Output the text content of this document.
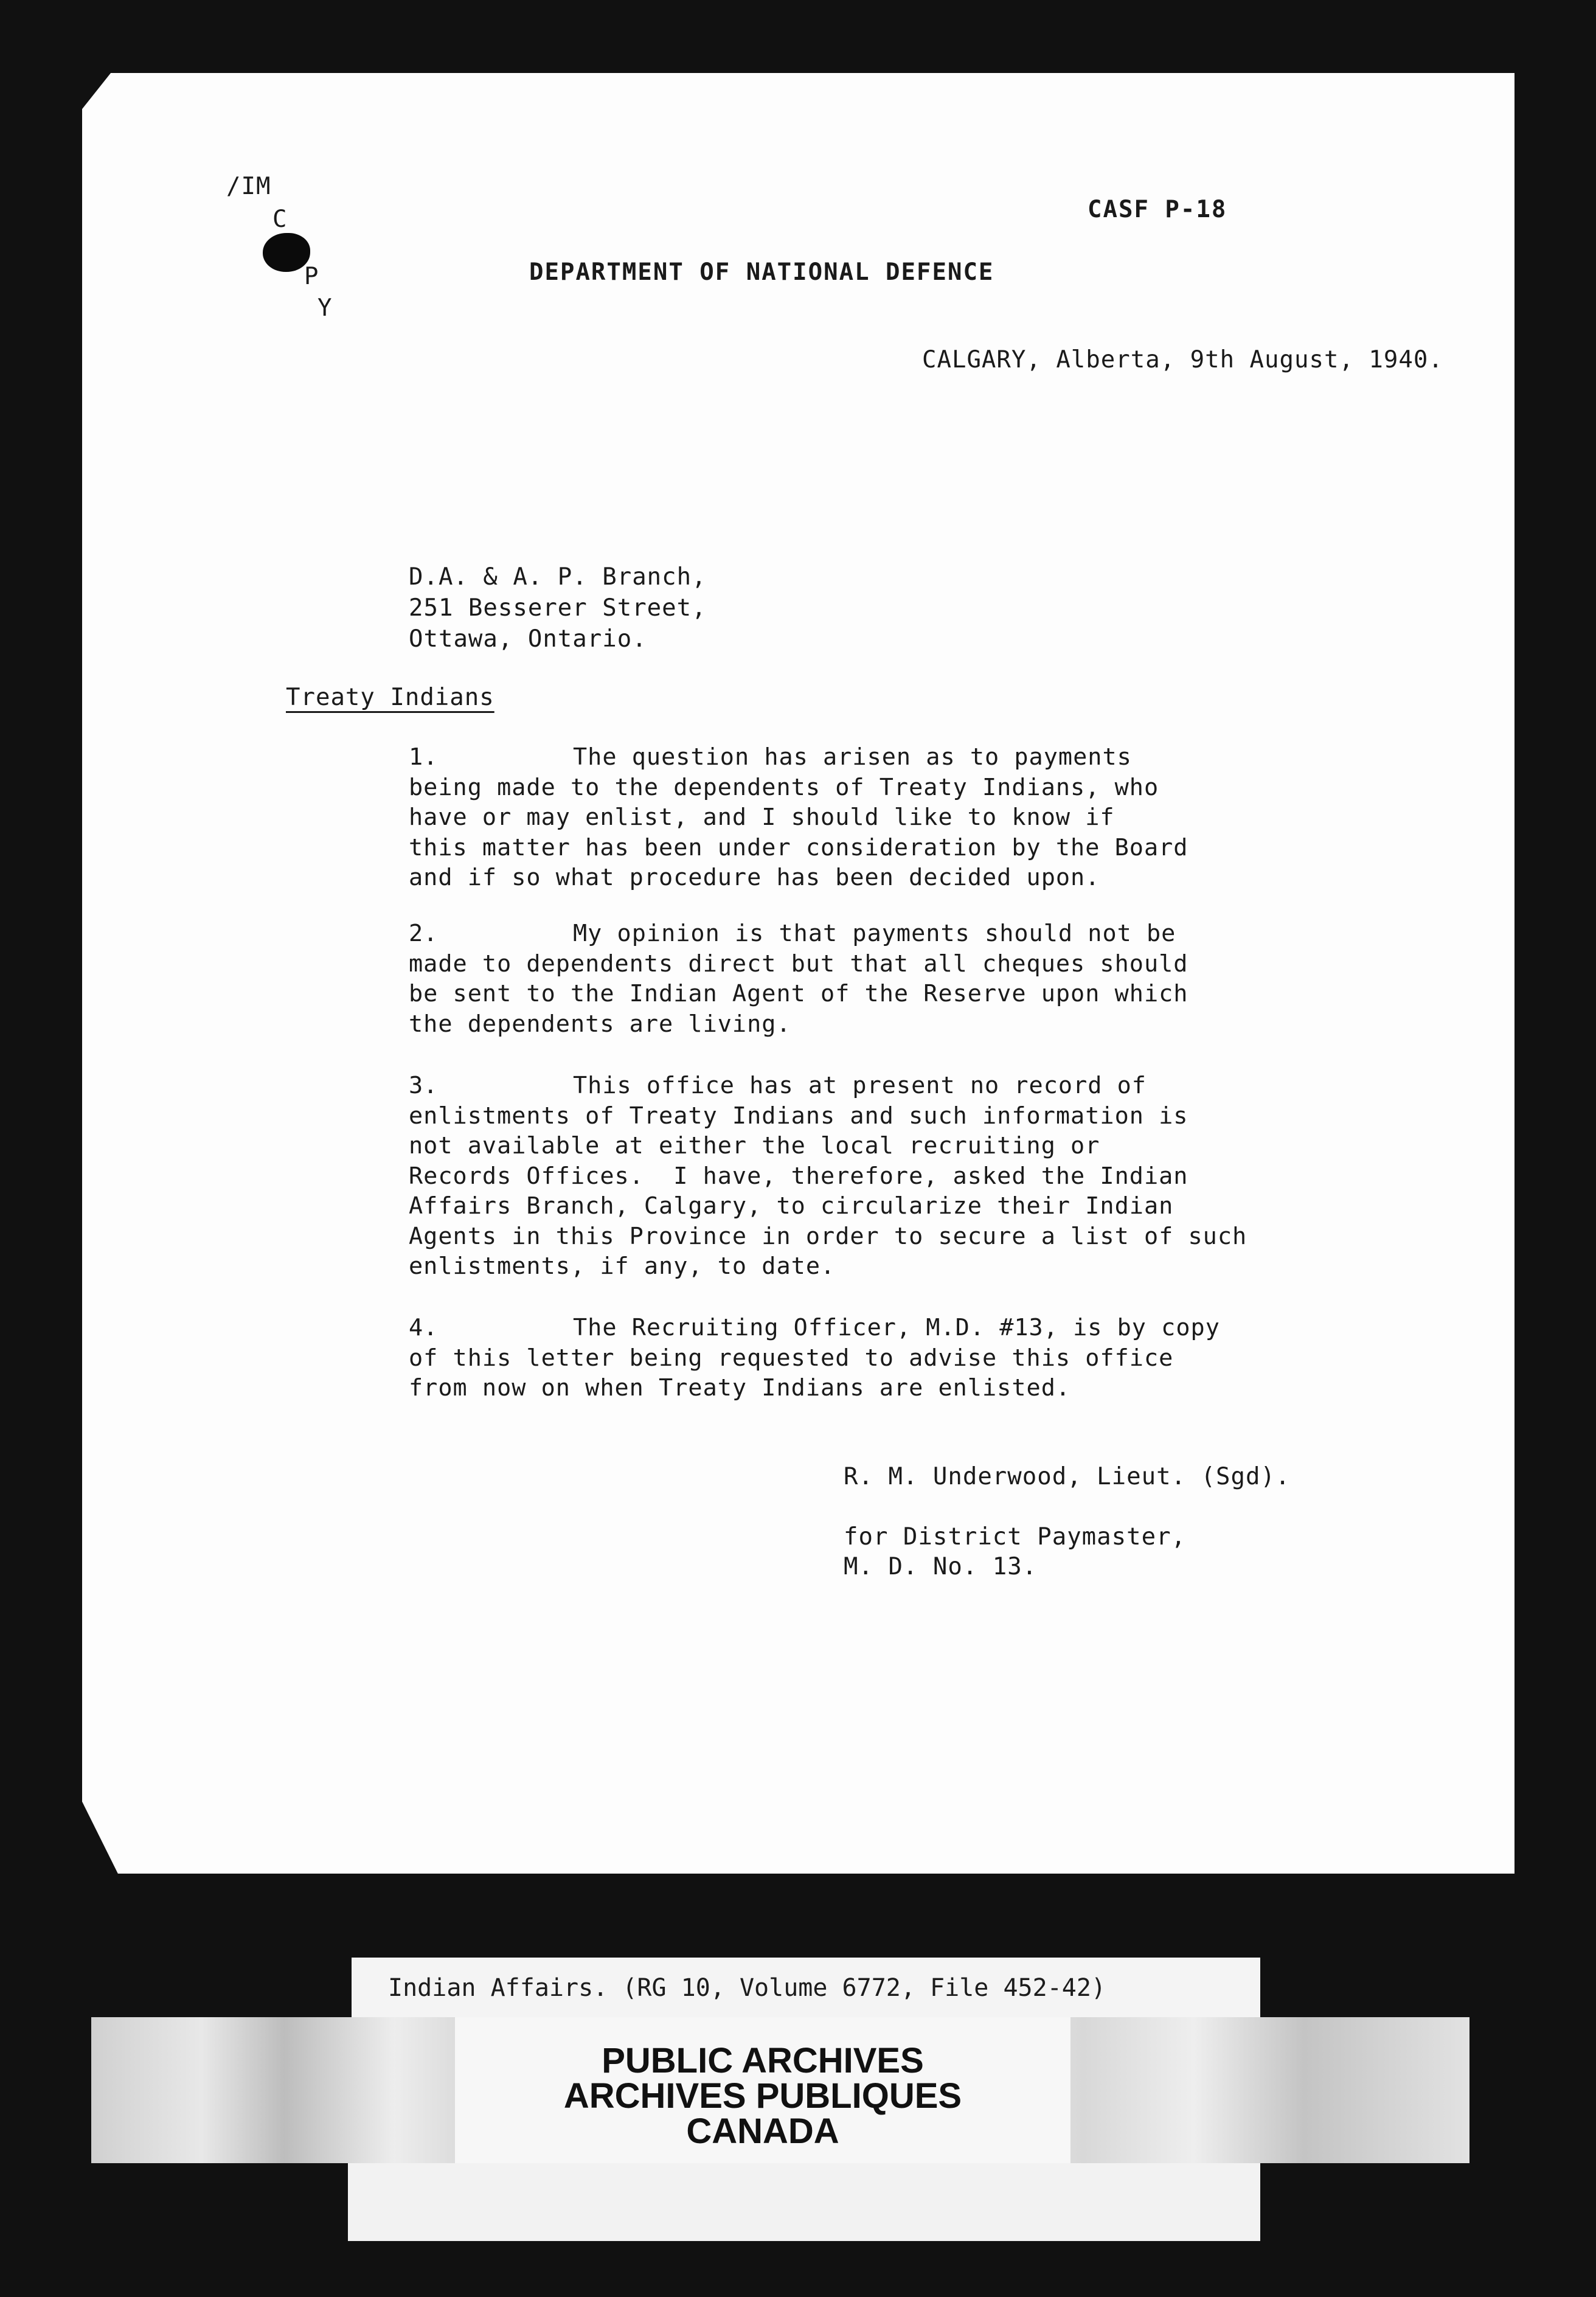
/IM
C
P
Y
CASF P-18
DEPARTMENT OF NATIONAL DEFENCE
CALGARY, Alberta, 9th August, 1940.
D.A. & A. P. Branch,
251 Besserer Street,
Ottawa, Ontario.
Treaty Indians
1.	The question has arisen as to payments
being made to the dependents of Treaty Indians, who
have or may enlist, and I should like to know if
this matter has been under consideration by the Board
and if so what procedure has been decided upon.
2.	My opinion is that payments should not be
made to dependents direct but that all cheques should
be sent to the Indian Agent of the Reserve upon which
the dependents are living.
3.	This office has at present no record of
enlistments of Treaty Indians and such information is
not available at either the local recruiting or
Records Offices.  I have, therefore, asked the Indian
Affairs Branch, Calgary, to circularize their Indian
Agents in this Province in order to secure a list of such
enlistments, if any, to date.
4.	The Recruiting Officer, M.D. #13, is by copy
of this letter being requested to advise this office
from now on when Treaty Indians are enlisted.
R. M. Underwood, Lieut. (Sgd).
for District Paymaster,
M. D. No. 13.
Indian Affairs. (RG 10, Volume 6772, File 452-42)
PUBLIC ARCHIVES
ARCHIVES PUBLIQUES
CANADA
